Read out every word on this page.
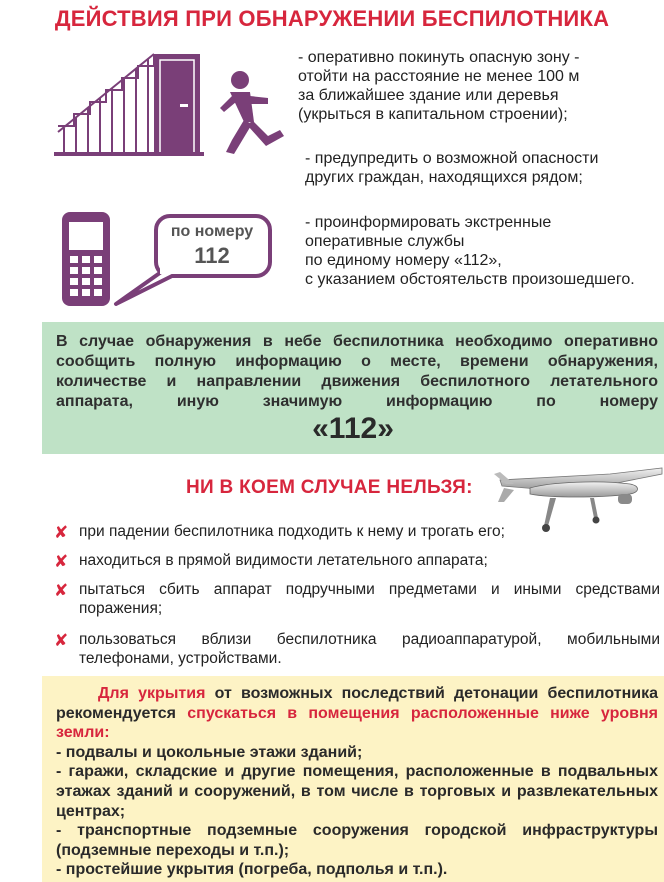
ДЕЙСТВИЯ ПРИ ОБНАРУЖЕНИИ БЕСПИЛОТНИКА
- оперативно покинуть опасную зону -
отойти на расстояние не менее 100 м
за ближайшее здание или деревья
(укрыться в капитальном строении);
- предупредить о возможной опасности
других граждан, находящихся рядом;
по номеру
112
- проинформировать экстренные
оперативные службы
по единому номеру «112»,
с указанием обстоятельств произошедшего.
В случае обнаружения в небе беспилотника необходимо оперативно сообщить полную информацию о месте, времени обнаружения, количестве и направлении движения беспилотного летательного аппарата, иную значимую информацию по номеру
«112»
НИ В КОЕМ СЛУЧАЕ НЕЛЬЗЯ:
✘ при падении беспилотника подходить к нему и трогать его;
✘ находиться в прямой видимости летательного аппарата;
✘ пытаться сбить аппарат подручными предметами и иными средствами поражения;
✘ пользоваться вблизи беспилотника радиоаппаратурой, мобильными телефонами, устройствами.

Для укрытия от возможных последствий детонации беспилотника рекомендуется спускаться в помещения расположенные ниже уровня земли:

- подвалы и цокольные этажи зданий;

- гаражи, складские и другие помещения, расположенные в подвальных этажах зданий и сооружений, в том числе в торговых и развлекательных центрах;

- транспортные подземные сооружения городской инфраструктуры (подземные переходы и т.п.);

- простейшие укрытия (погреба, подполья и т.п.).
